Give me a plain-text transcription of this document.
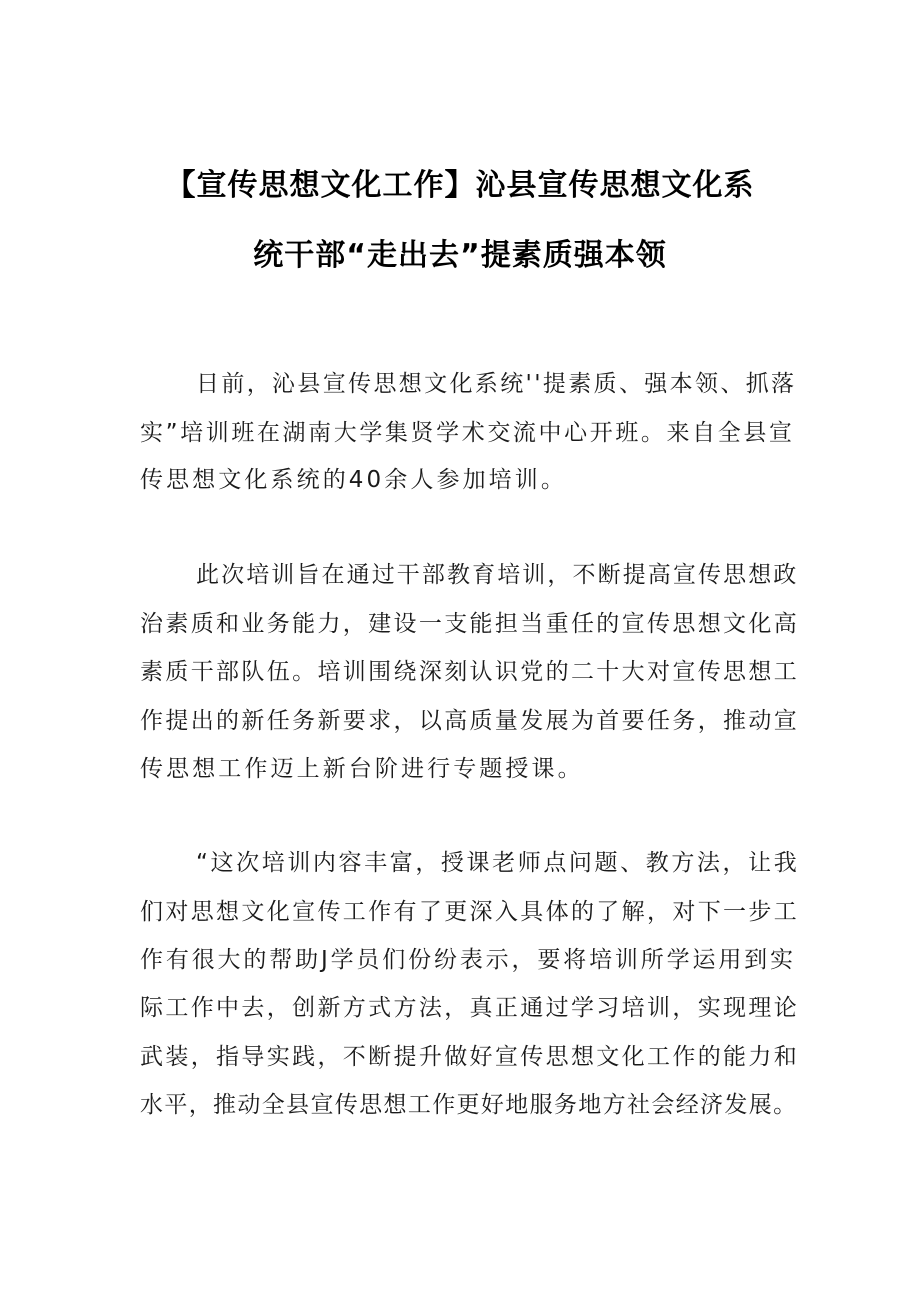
【宣传思想文化工作】沁县宣传思想文化系
统干部“走出去”提素质强本领
日前，沁县宣传思想文化系统''提素质、强本领、抓落
实”培训班在湖南大学集贤学术交流中心开班。来自全县宣
传思想文化系统的40余人参加培训。
此次培训旨在通过干部教育培训，不断提高宣传思想政
治素质和业务能力，建设一支能担当重任的宣传思想文化高
素质干部队伍。培训围绕深刻认识党的二十大对宣传思想工
作提出的新任务新要求，以高质量发展为首要任务，推动宣
传思想工作迈上新台阶进行专题授课。
“这次培训内容丰富，授课老师点问题、教方法，让我
们对思想文化宣传工作有了更深入具体的了解，对下一步工
作有很大的帮助J学员们份纷表示，要将培训所学运用到实
际工作中去，创新方式方法，真正通过学习培训，实现理论
武装，指导实践，不断提升做好宣传思想文化工作的能力和
水平，推动全县宣传思想工作更好地服务地方社会经济发展。
